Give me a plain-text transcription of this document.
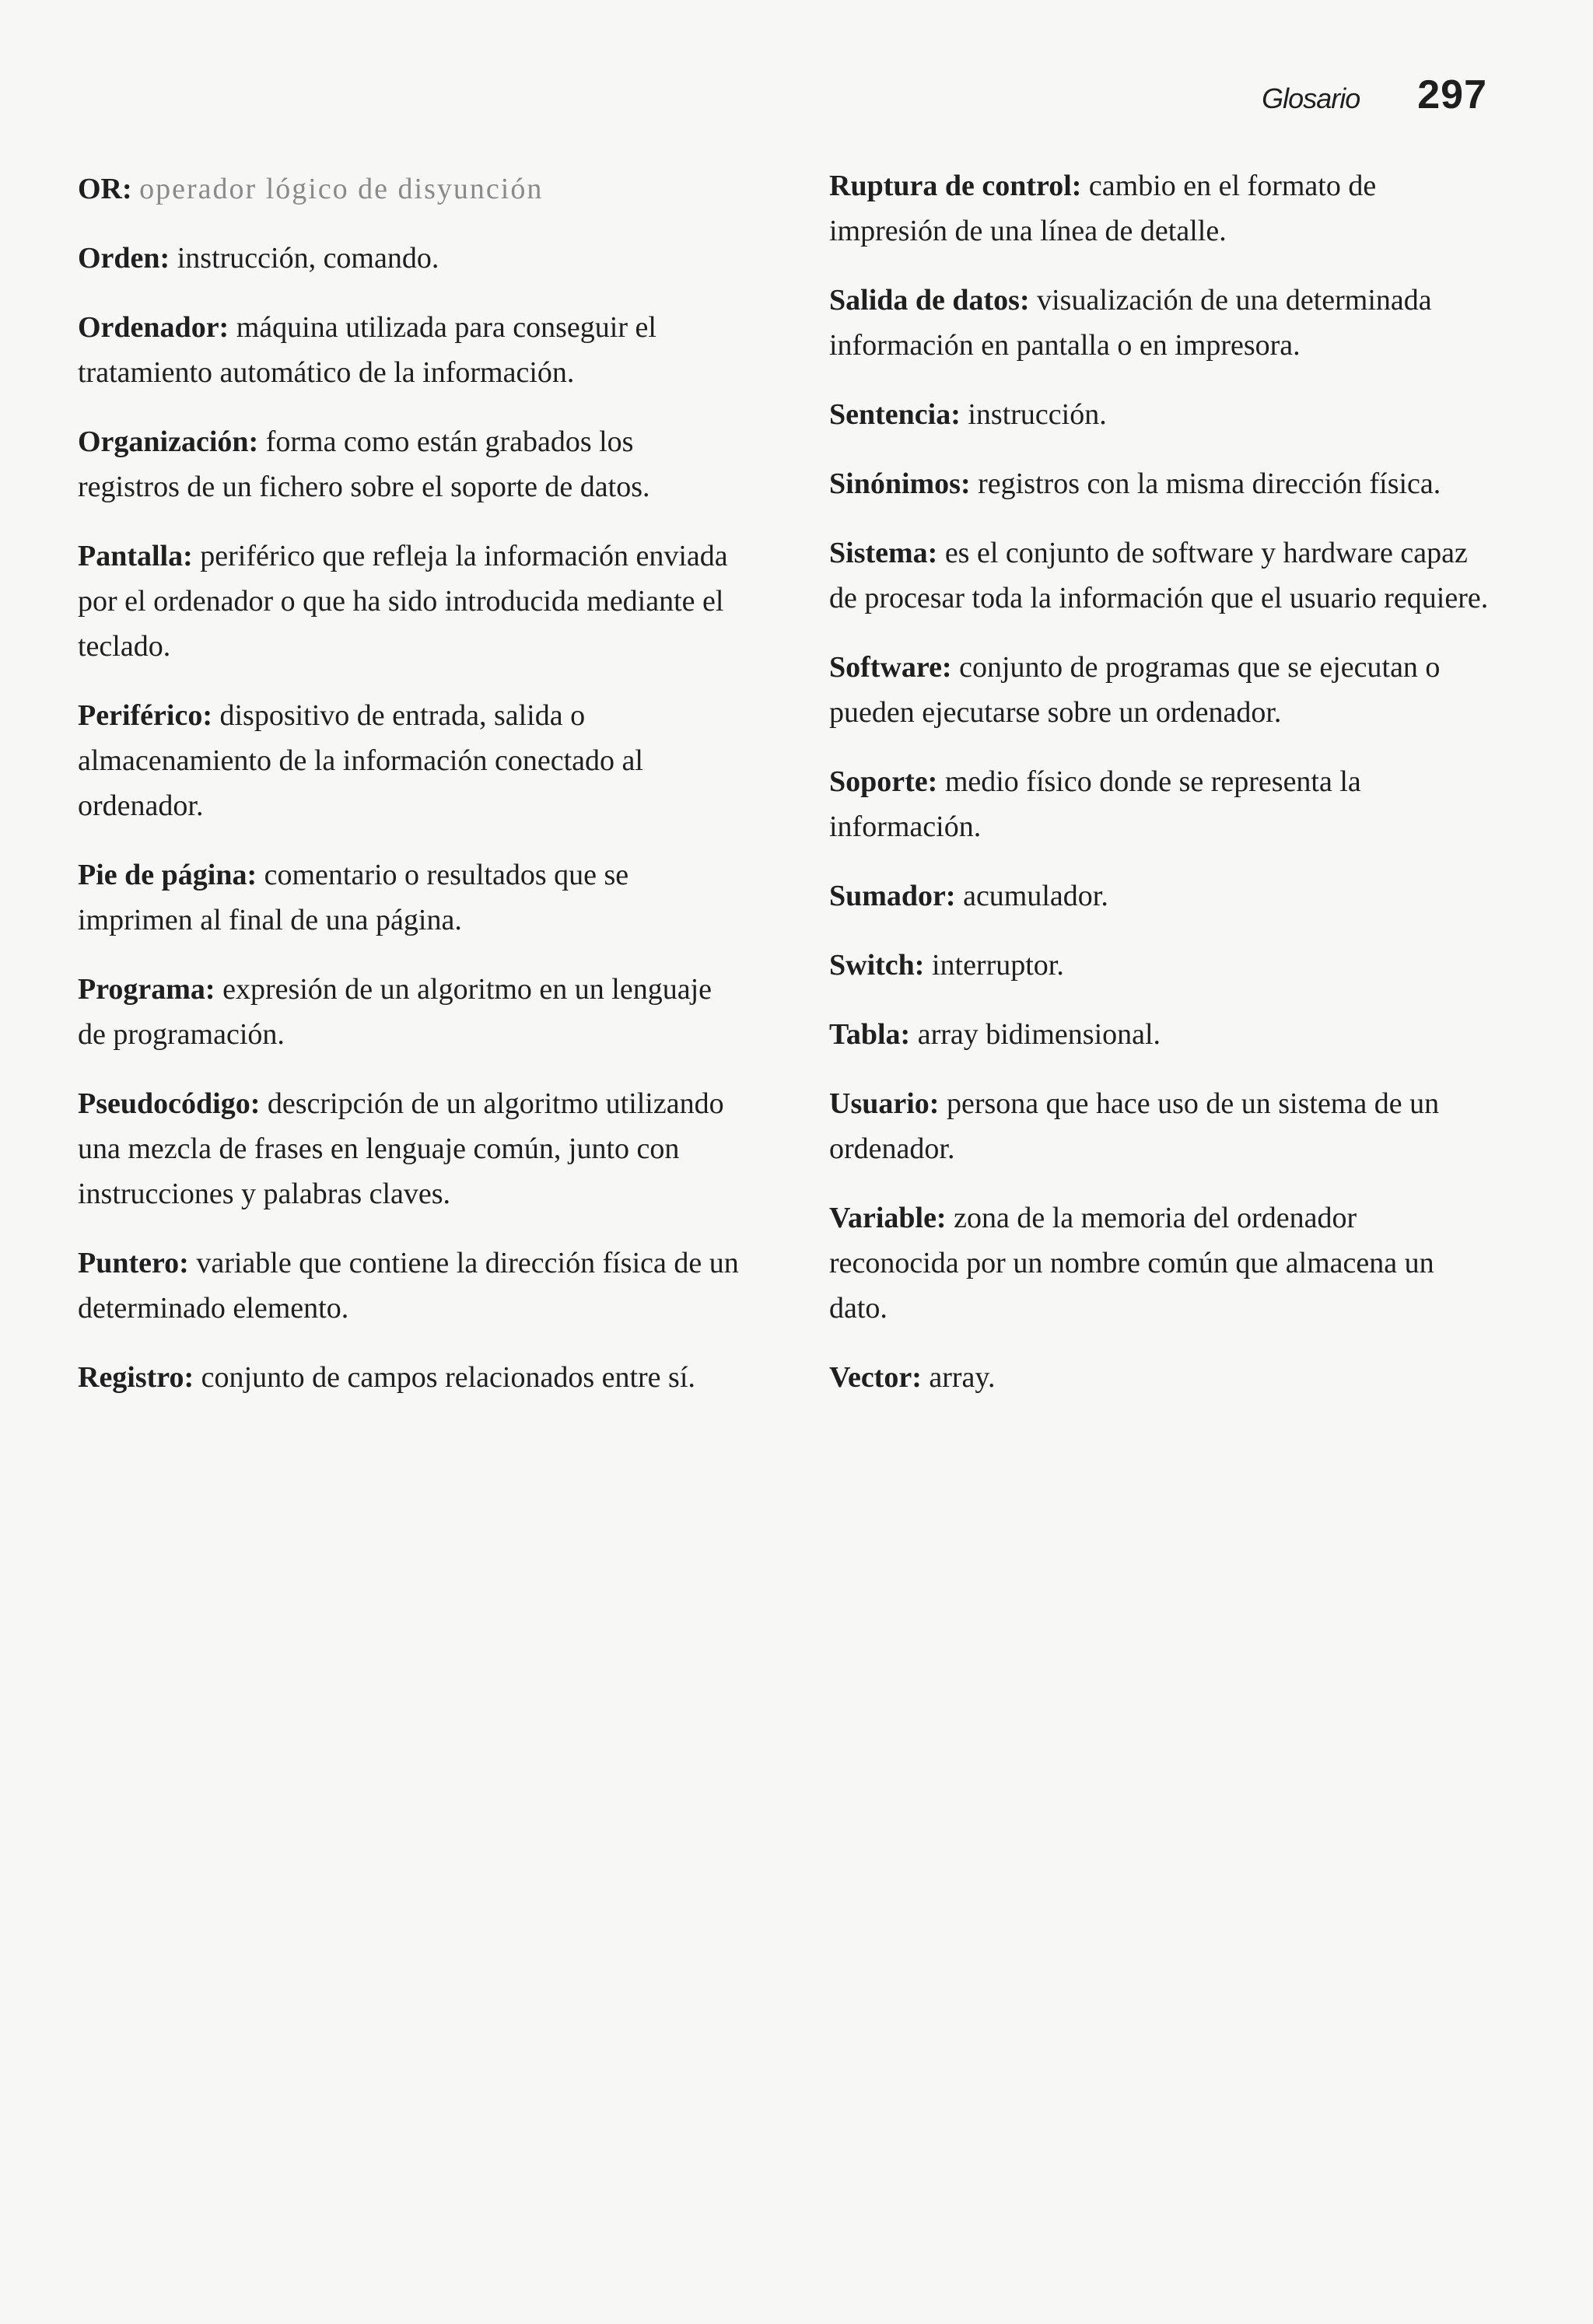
Glosario 297

OR: operador lógico de disyunción

Orden: instrucción, comando.

Ordenador: máquina utilizada para conseguir el tratamiento automático de la información.

Organización: forma como están grabados los registros de un fichero sobre el soporte de datos.

Pantalla: periférico que refleja la información enviada por el ordenador o que ha sido introducida mediante el teclado.

Periférico: dispositivo de entrada, salida o almacenamiento de la información conectado al ordenador.

Pie de página: comentario o resultados que se imprimen al final de una página.

Programa: expresión de un algoritmo en un lenguaje de programación.

Pseudocódigo: descripción de un algoritmo utilizando una mezcla de frases en lenguaje común, junto con instrucciones y palabras claves.

Puntero: variable que contiene la dirección física de un determinado elemento.

Registro: conjunto de campos relacionados entre sí.

Ruptura de control: cambio en el formato de impresión de una línea de detalle.

Salida de datos: visualización de una determinada información en pantalla o en impresora.

Sentencia: instrucción.

Sinónimos: registros con la misma dirección física.

Sistema: es el conjunto de software y hardware capaz de procesar toda la información que el usuario requiere.

Software: conjunto de programas que se ejecutan o pueden ejecutarse sobre un ordenador.

Soporte: medio físico donde se representa la información.

Sumador: acumulador.

Switch: interruptor.

Tabla: array bidimensional.

Usuario: persona que hace uso de un sistema de un ordenador.

Variable: zona de la memoria del ordenador reconocida por un nombre común que almacena un dato.

Vector: array.
